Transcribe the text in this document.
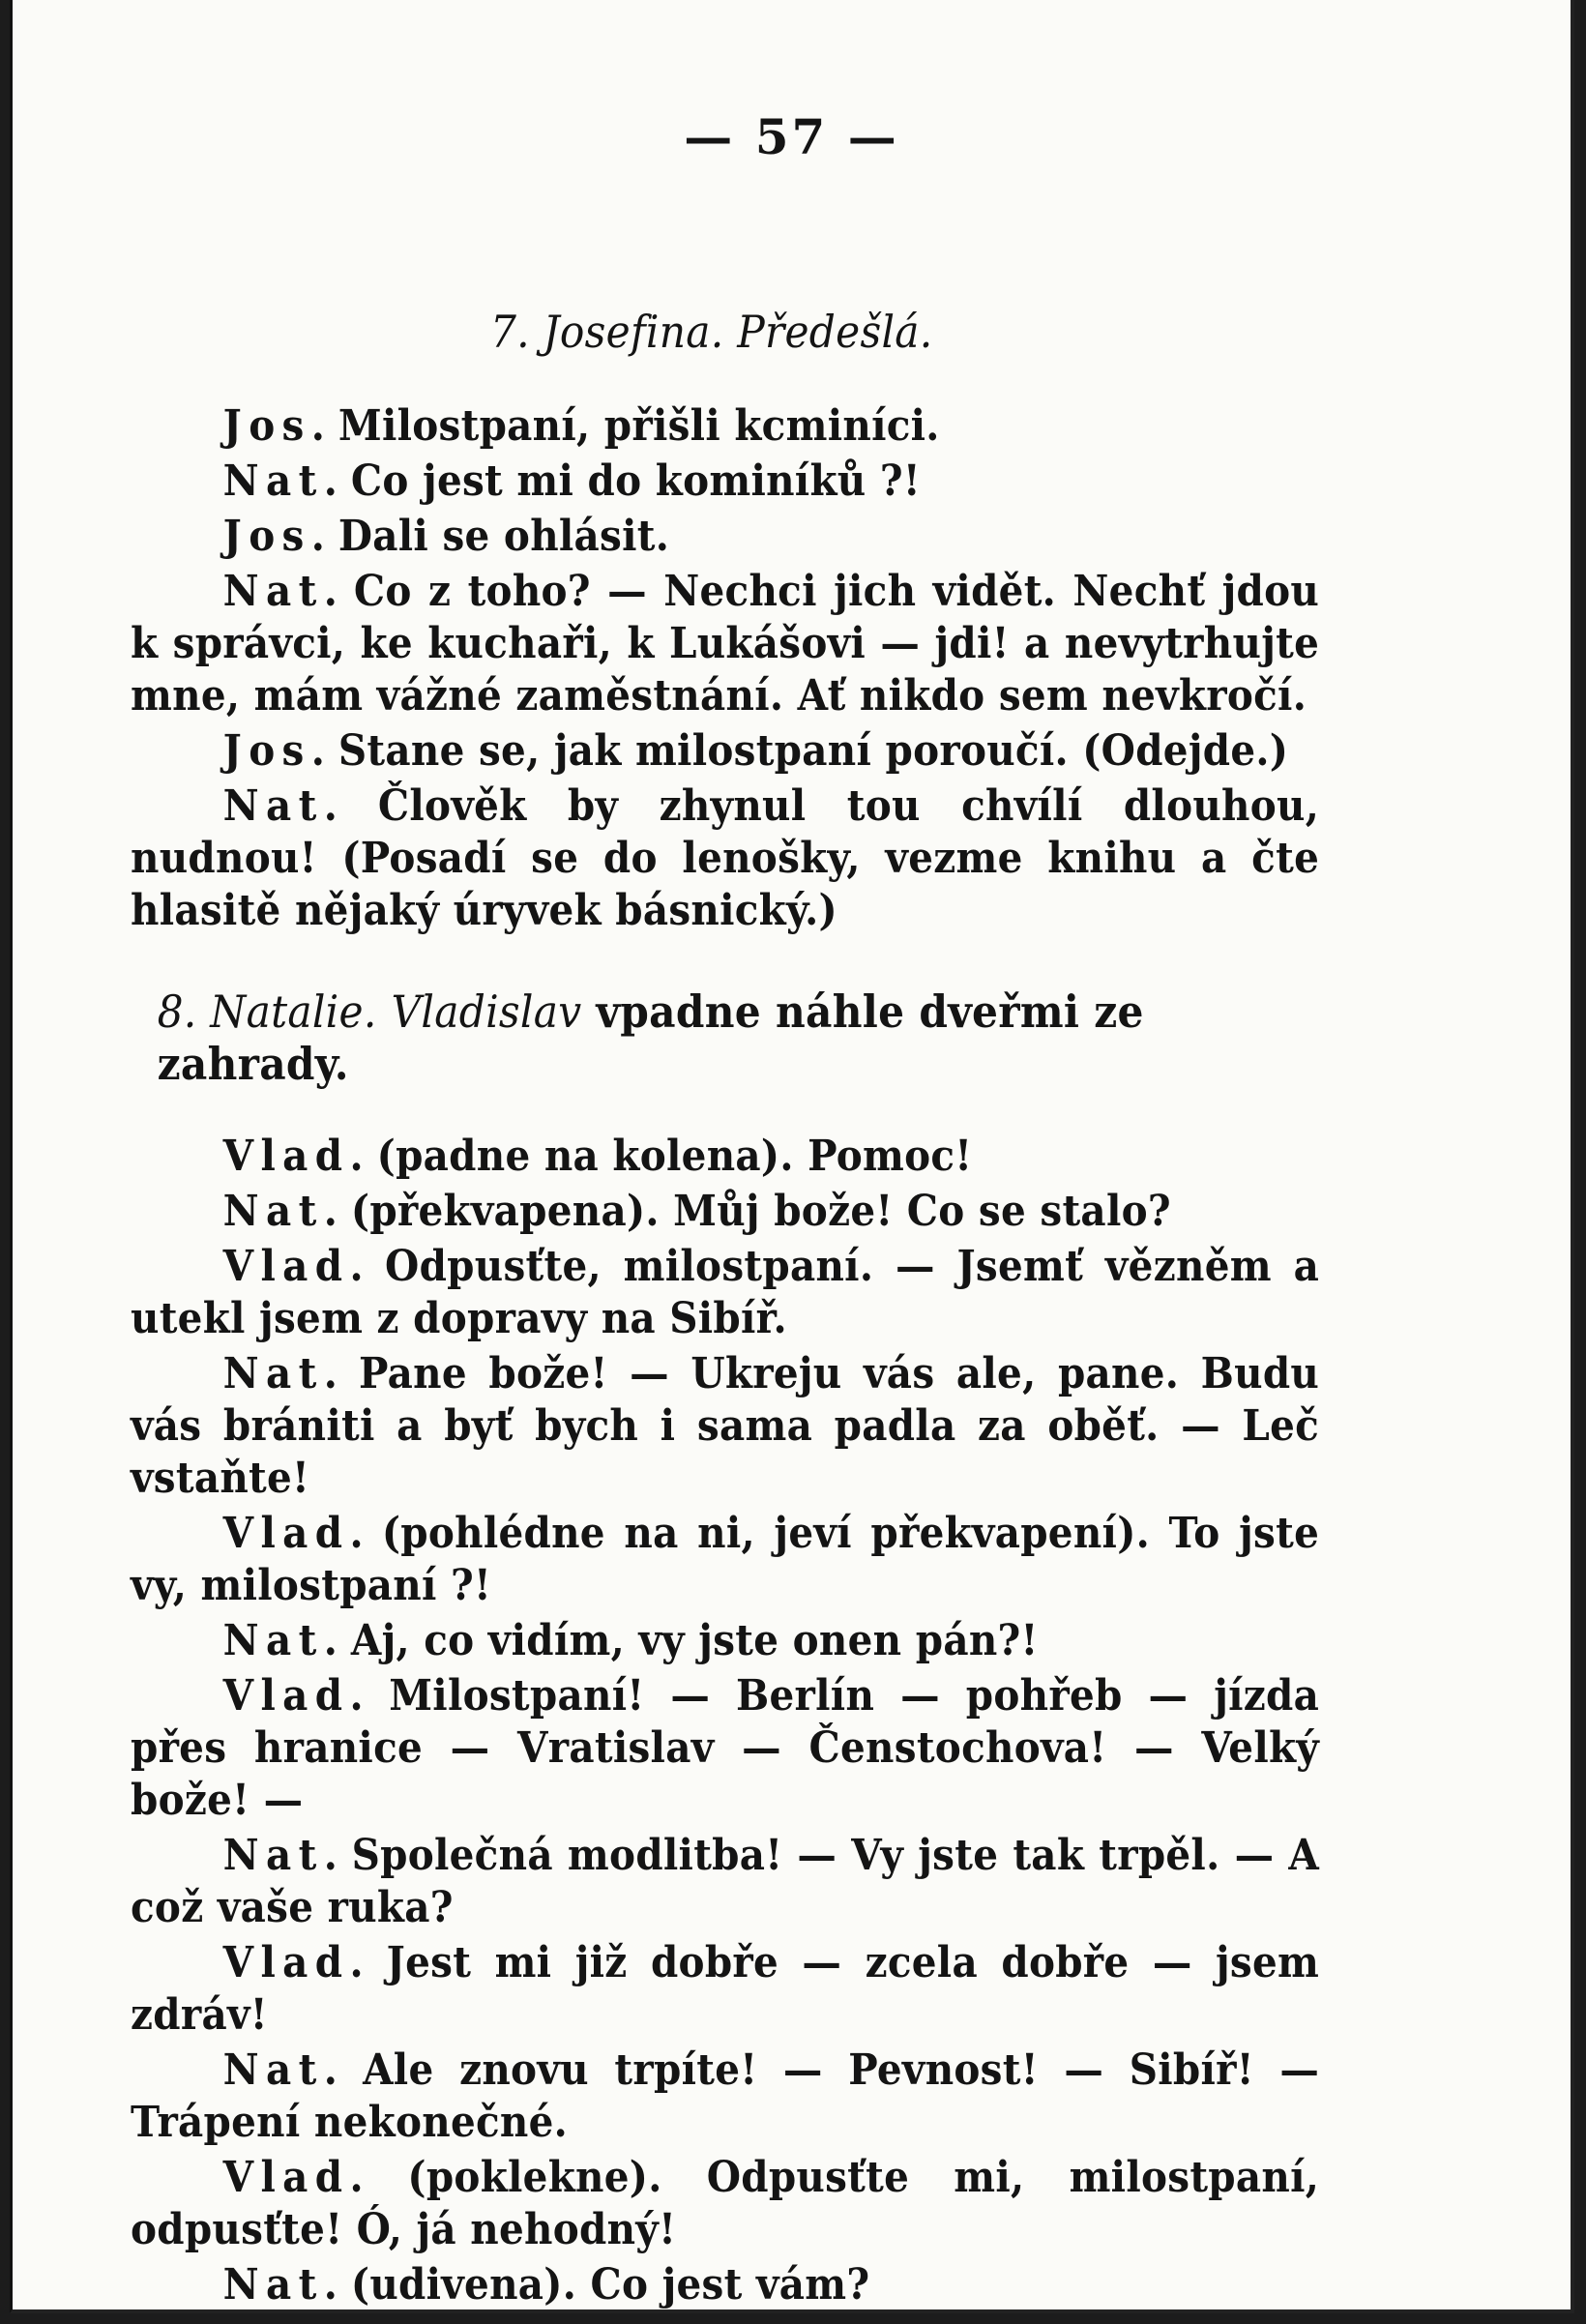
— 57 —
7. Josefina. Předešlá.
Jos. Milostpaní, přišli kcminíci.
Nat. Co jest mi do kominíků ?!
Jos. Dali se ohlásit.
Nat. Co z toho? — Nechci jich vidět. Nechť jdou k správci, ke kuchaři, k Lukášovi — jdi! a nevytrhujte mne, mám vážné zaměstnání. Ať nikdo sem nevkročí.
Jos. Stane se, jak milostpaní poroučí. (Odejde.)
Nat. Člověk by zhynul tou chvílí dlouhou, nudnou! (Posadí se do lenošky, vezme knihu a čte hlasitě nějaký úryvek básnický.)
8. Natalie. Vladislav vpadne náhle dveřmi ze zahrady.
Vlad. (padne na kolena). Pomoc!
Nat. (překvapena). Můj bože! Co se stalo?
Vlad. Odpusťte, milostpaní. — Jsemť vězněm a utekl jsem z dopravy na Sibíř.
Nat. Pane bože! — Ukreju vás ale, pane. Budu vás brániti a byť bych i sama padla za oběť. — Leč vstaňte!
Vlad. (pohlédne na ni, jeví překvapení). To jste vy, milostpaní ?!
Nat. Aj, co vidím, vy jste onen pán?!
Vlad. Milostpaní! — Berlín — pohřeb — jízda přes hranice — Vratislav — Čenstochova! — Velký bože! —
Nat. Společná modlitba! — Vy jste tak trpěl. — A což vaše ruka?
Vlad. Jest mi již dobře — zcela dobře — jsem zdráv!
Nat. Ale znovu trpíte! — Pevnost! — Sibíř! — Trápení nekonečné.
Vlad. (poklekne). Odpusťte mi, milostpaní, odpusťte! Ó, já nehodný!
Nat. (udivena). Co jest vám?
